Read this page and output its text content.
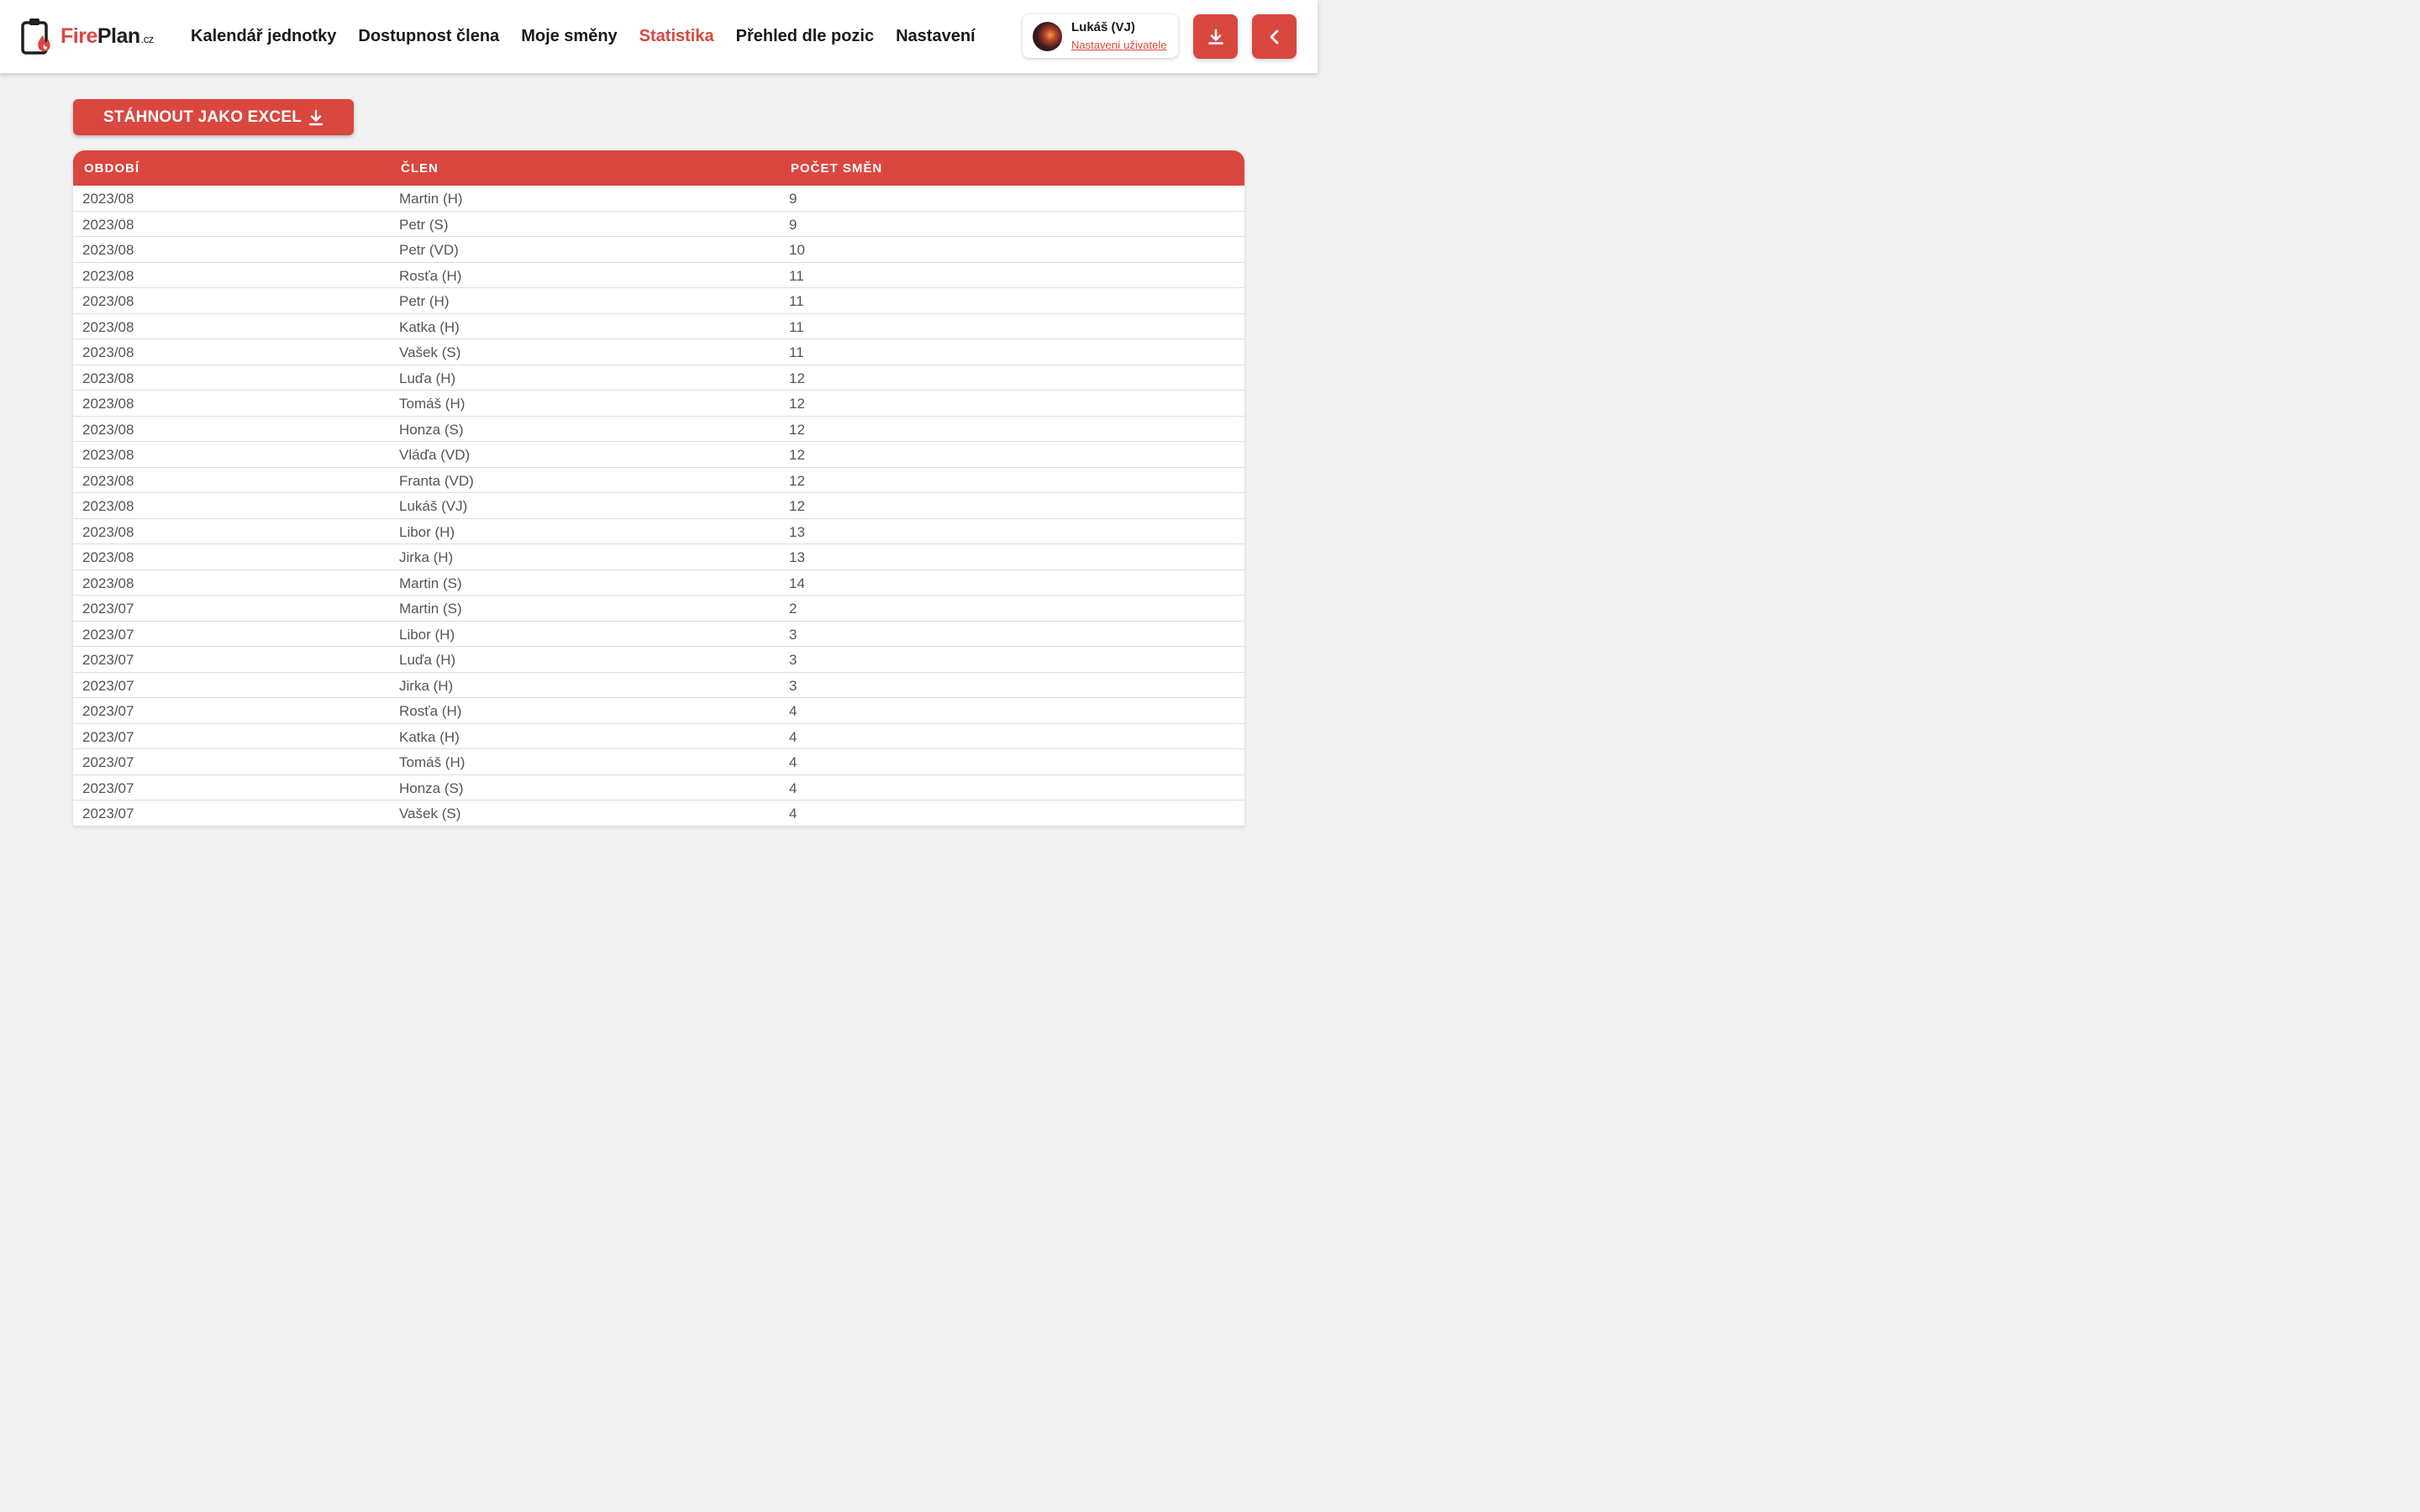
Fire Plan .cz	Kalendář jednotky	Dostupnost člena	Moje směny	Statistika	Přehled dle pozic	Nastavení	Lukáš (VJ)
Nastavení uživatele
STÁHNOUT JAKO EXCEL
OBDOBÍ	ČLEN	POČET SMĚN
2023/08	Martin (H)	9
2023/08	Petr (S)	9
2023/08	Petr (VD)	10
2023/08	Rosťa (H)	11
2023/08	Petr (H)	11
2023/08	Katka (H)	11
2023/08	Vašek (S)	11
2023/08	Luďa (H)	12
2023/08	Tomáš (H)	12
2023/08	Honza (S)	12
2023/08	Vláďa (VD)	12
2023/08	Franta (VD)	12
2023/08	Lukáš (VJ)	12
2023/08	Libor (H)	13
2023/08	Jirka (H)	13
2023/08	Martin (S)	14
2023/07	Martin (S)	2
2023/07	Libor (H)	3
2023/07	Luďa (H)	3
2023/07	Jirka (H)	3
2023/07	Rosťa (H)	4
2023/07	Katka (H)	4
2023/07	Tomáš (H)	4
2023/07	Honza (S)	4
2023/07	Vašek (S)	4
